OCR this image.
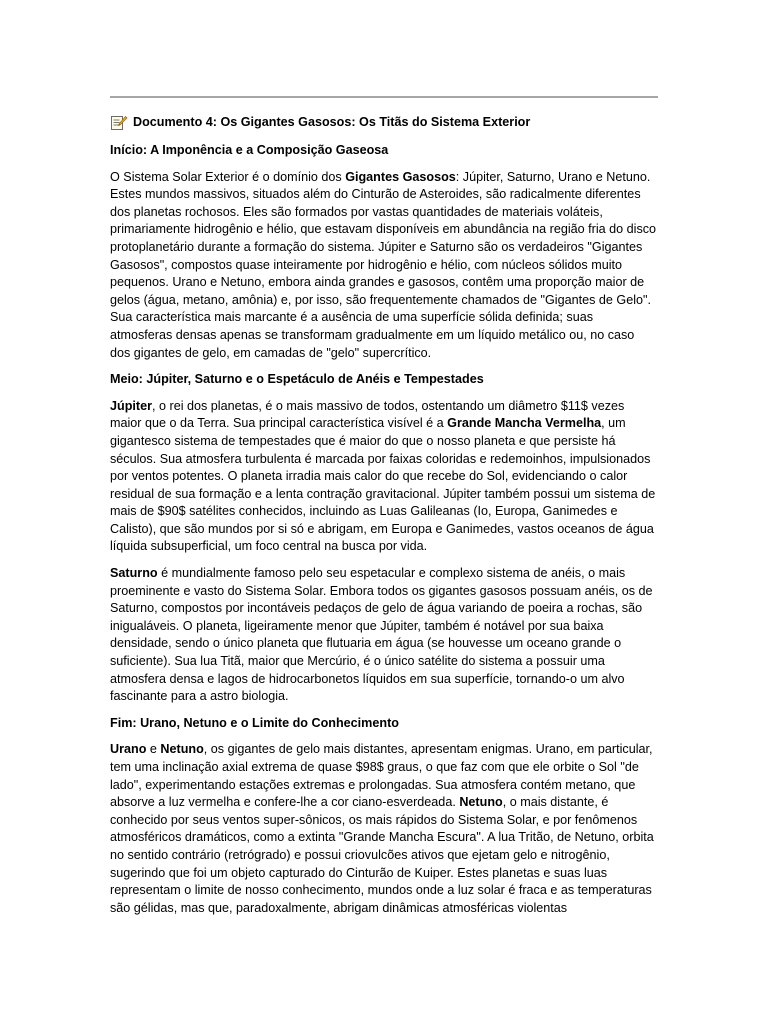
Documento 4: Os Gigantes Gasosos: Os Titãs do Sistema Exterior
Início: A Imponência e a Composição Gaseosa

O Sistema Solar Exterior é o domínio dos Gigantes Gasosos: Júpiter, Saturno, Urano e Netuno. Estes mundos massivos, situados além do Cinturão de Asteroides, são radicalmente diferentes dos planetas rochosos. Eles são formados por vastas quantidades de materiais voláteis, primariamente hidrogênio e hélio, que estavam disponíveis em abundância na região fria do disco protoplanetário durante a formação do sistema. Júpiter e Saturno são os verdadeiros "Gigantes Gasosos", compostos quase inteiramente por hidrogênio e hélio, com núcleos sólidos muito pequenos. Urano e Netuno, embora ainda grandes e gasosos, contêm uma proporção maior de gelos (água, metano, amônia) e, por isso, são frequentemente chamados de "Gigantes de Gelo". Sua característica mais marcante é a ausência de uma superfície sólida definida; suas atmosferas densas apenas se transformam gradualmente em um líquido metálico ou, no caso dos gigantes de gelo, em camadas de "gelo" supercrítico.

Meio: Júpiter, Saturno e o Espetáculo de Anéis e Tempestades

Júpiter, o rei dos planetas, é o mais massivo de todos, ostentando um diâmetro $11$ vezes maior que o da Terra. Sua principal característica visível é a Grande Mancha Vermelha, um gigantesco sistema de tempestades que é maior do que o nosso planeta e que persiste há séculos. Sua atmosfera turbulenta é marcada por faixas coloridas e redemoinhos, impulsionados por ventos potentes. O planeta irradia mais calor do que recebe do Sol, evidenciando o calor residual de sua formação e a lenta contração gravitacional. Júpiter também possui um sistema de mais de $90$ satélites conhecidos, incluindo as Luas Galileanas (Io, Europa, Ganimedes e Calisto), que são mundos por si só e abrigam, em Europa e Ganimedes, vastos oceanos de água líquida subsuperficial, um foco central na busca por vida.

Saturno é mundialmente famoso pelo seu espetacular e complexo sistema de anéis, o mais proeminente e vasto do Sistema Solar. Embora todos os gigantes gasosos possuam anéis, os de Saturno, compostos por incontáveis pedaços de gelo de água variando de poeira a rochas, são inigualáveis. O planeta, ligeiramente menor que Júpiter, também é notável por sua baixa densidade, sendo o único planeta que flutuaria em água (se houvesse um oceano grande o suficiente). Sua lua Titã, maior que Mercúrio, é o único satélite do sistema a possuir uma atmosfera densa e lagos de hidrocarbonetos líquidos em sua superfície, tornando-o um alvo fascinante para a astro biologia.

Fim: Urano, Netuno e o Limite do Conhecimento

Urano e Netuno, os gigantes de gelo mais distantes, apresentam enigmas. Urano, em particular, tem uma inclinação axial extrema de quase $98$ graus, o que faz com que ele orbite o Sol "de lado", experimentando estações extremas e prolongadas. Sua atmosfera contém metano, que absorve a luz vermelha e confere-lhe a cor ciano-esverdeada. Netuno, o mais distante, é conhecido por seus ventos super-sônicos, os mais rápidos do Sistema Solar, e por fenômenos atmosféricos dramáticos, como a extinta "Grande Mancha Escura". A lua Tritão, de Netuno, orbita no sentido contrário (retrógrado) e possui criovulcões ativos que ejetam gelo e nitrogênio, sugerindo que foi um objeto capturado do Cinturão de Kuiper. Estes planetas e suas luas representam o limite de nosso conhecimento, mundos onde a luz solar é fraca e as temperaturas são gélidas, mas que, paradoxalmente, abrigam dinâmicas atmosféricas violentas
